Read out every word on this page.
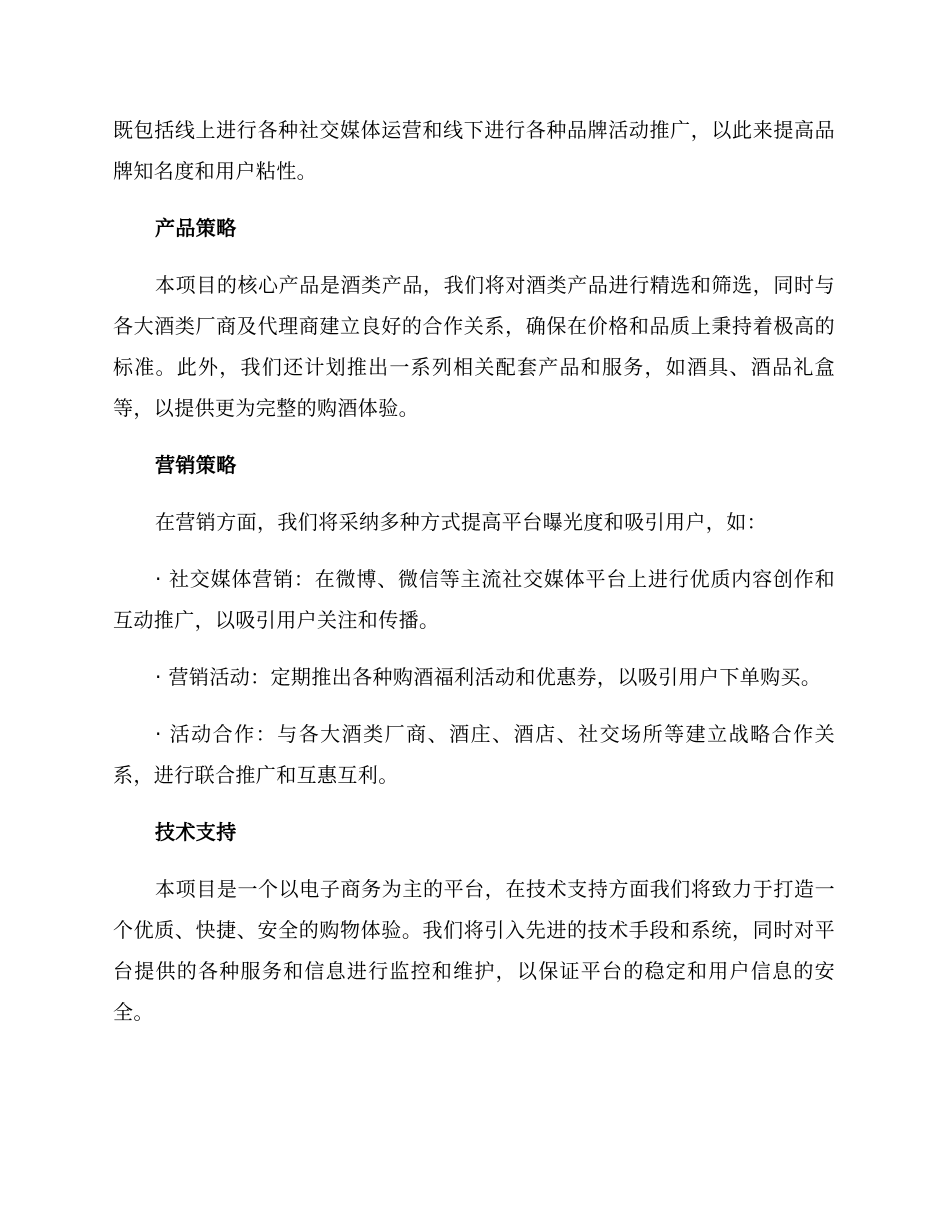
既包括线上进行各种社交媒体运营和线下进行各种品牌活动推广，以此来提高品牌知名度和用户粘性。

产品策略

本项目的核心产品是酒类产品，我们将对酒类产品进行精选和筛选，同时与各大酒类厂商及代理商建立良好的合作关系，确保在价格和品质上秉持着极高的标准。此外，我们还计划推出一系列相关配套产品和服务，如酒具、酒品礼盒等，以提供更为完整的购酒体验。

营销策略

在营销方面，我们将采纳多种方式提高平台曝光度和吸引用户，如：

· 社交媒体营销：在微博、微信等主流社交媒体平台上进行优质内容创作和互动推广，以吸引用户关注和传播。

· 营销活动：定期推出各种购酒福利活动和优惠券，以吸引用户下单购买。

· 活动合作：与各大酒类厂商、酒庄、酒店、社交场所等建立战略合作关系，进行联合推广和互惠互利。

技术支持

本项目是一个以电子商务为主的平台，在技术支持方面我们将致力于打造一个优质、快捷、安全的购物体验。我们将引入先进的技术手段和系统，同时对平台提供的各种服务和信息进行监控和维护，以保证平台的稳定和用户信息的安全。
